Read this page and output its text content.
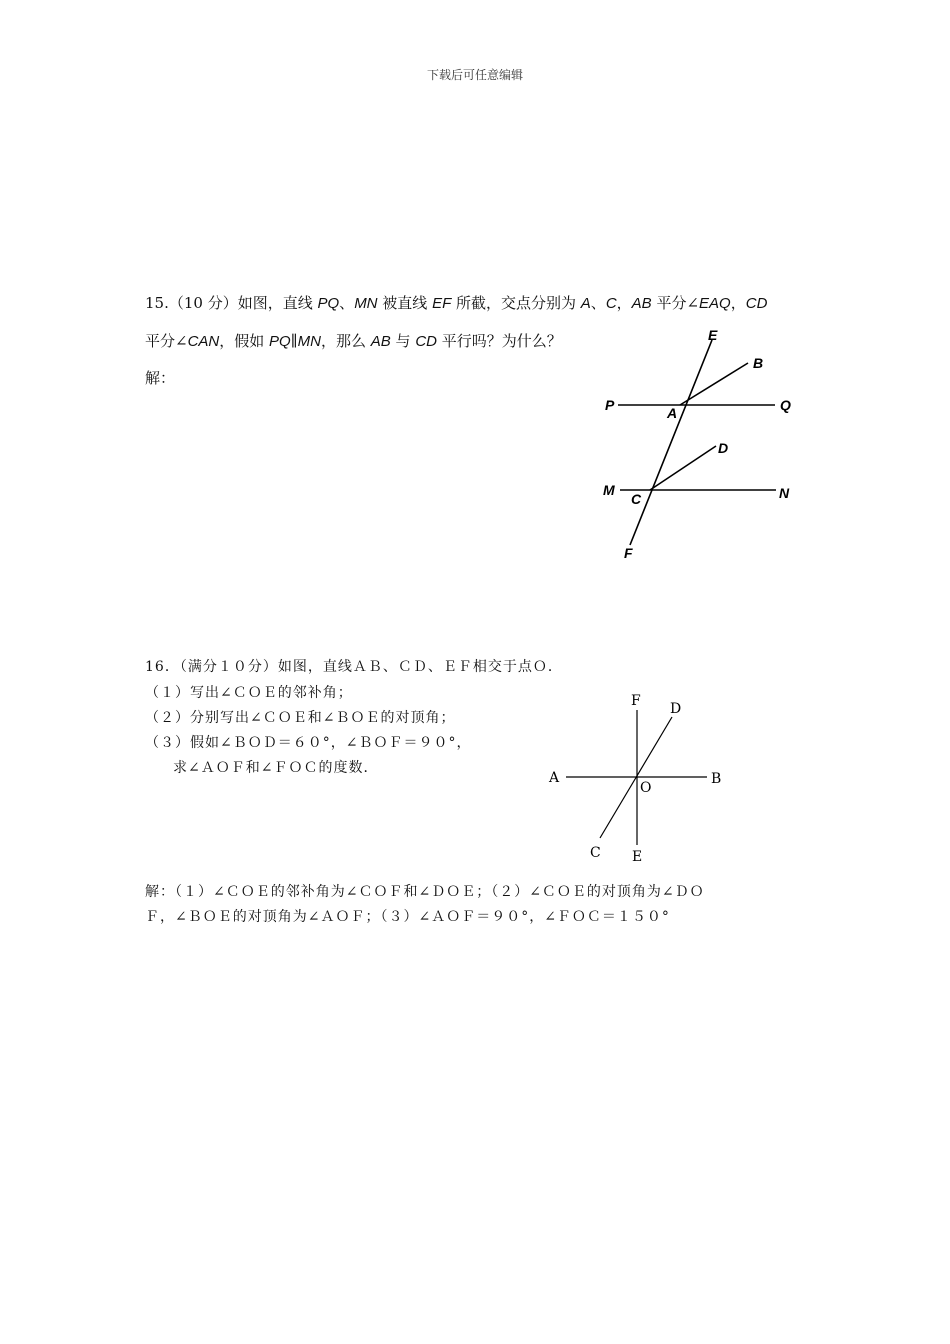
下载后可任意编辑
15.（10 分）如图，直线 PQ、MN 被直线 EF 所截，交点分别为 A、C，AB 平分∠EAQ，CD
平分∠CAN，假如 PQ∥MN，那么 AB 与 CD 平行吗？为什么？
解：
E
B
P	A	Q
D
M
C	N
F
16．（满分１０分）如图，直线ＡＢ、ＣＤ、ＥＦ相交于点Ｏ．
（１）写出∠ＣＯＥ的邻补角；
（２）分别写出∠ＣＯＥ和∠ＢＯＥ的对顶角；
（３）假如∠ＢＯＤ＝６０°，∠ＢＯＦ＝９０°，
求∠ＡＯＦ和∠ＦＯＣ的度数．
F D
A
O
B
C E
解：（１）∠ＣＯＥ的邻补角为∠ＣＯＦ和∠ＤＯＥ；（２）∠ＣＯＥ的对顶角为∠ＤＯ
Ｆ，∠ＢＯＥ的对顶角为∠ＡＯＦ；（３）∠ＡＯＦ＝９０°，∠ＦＯＣ＝１５０°
